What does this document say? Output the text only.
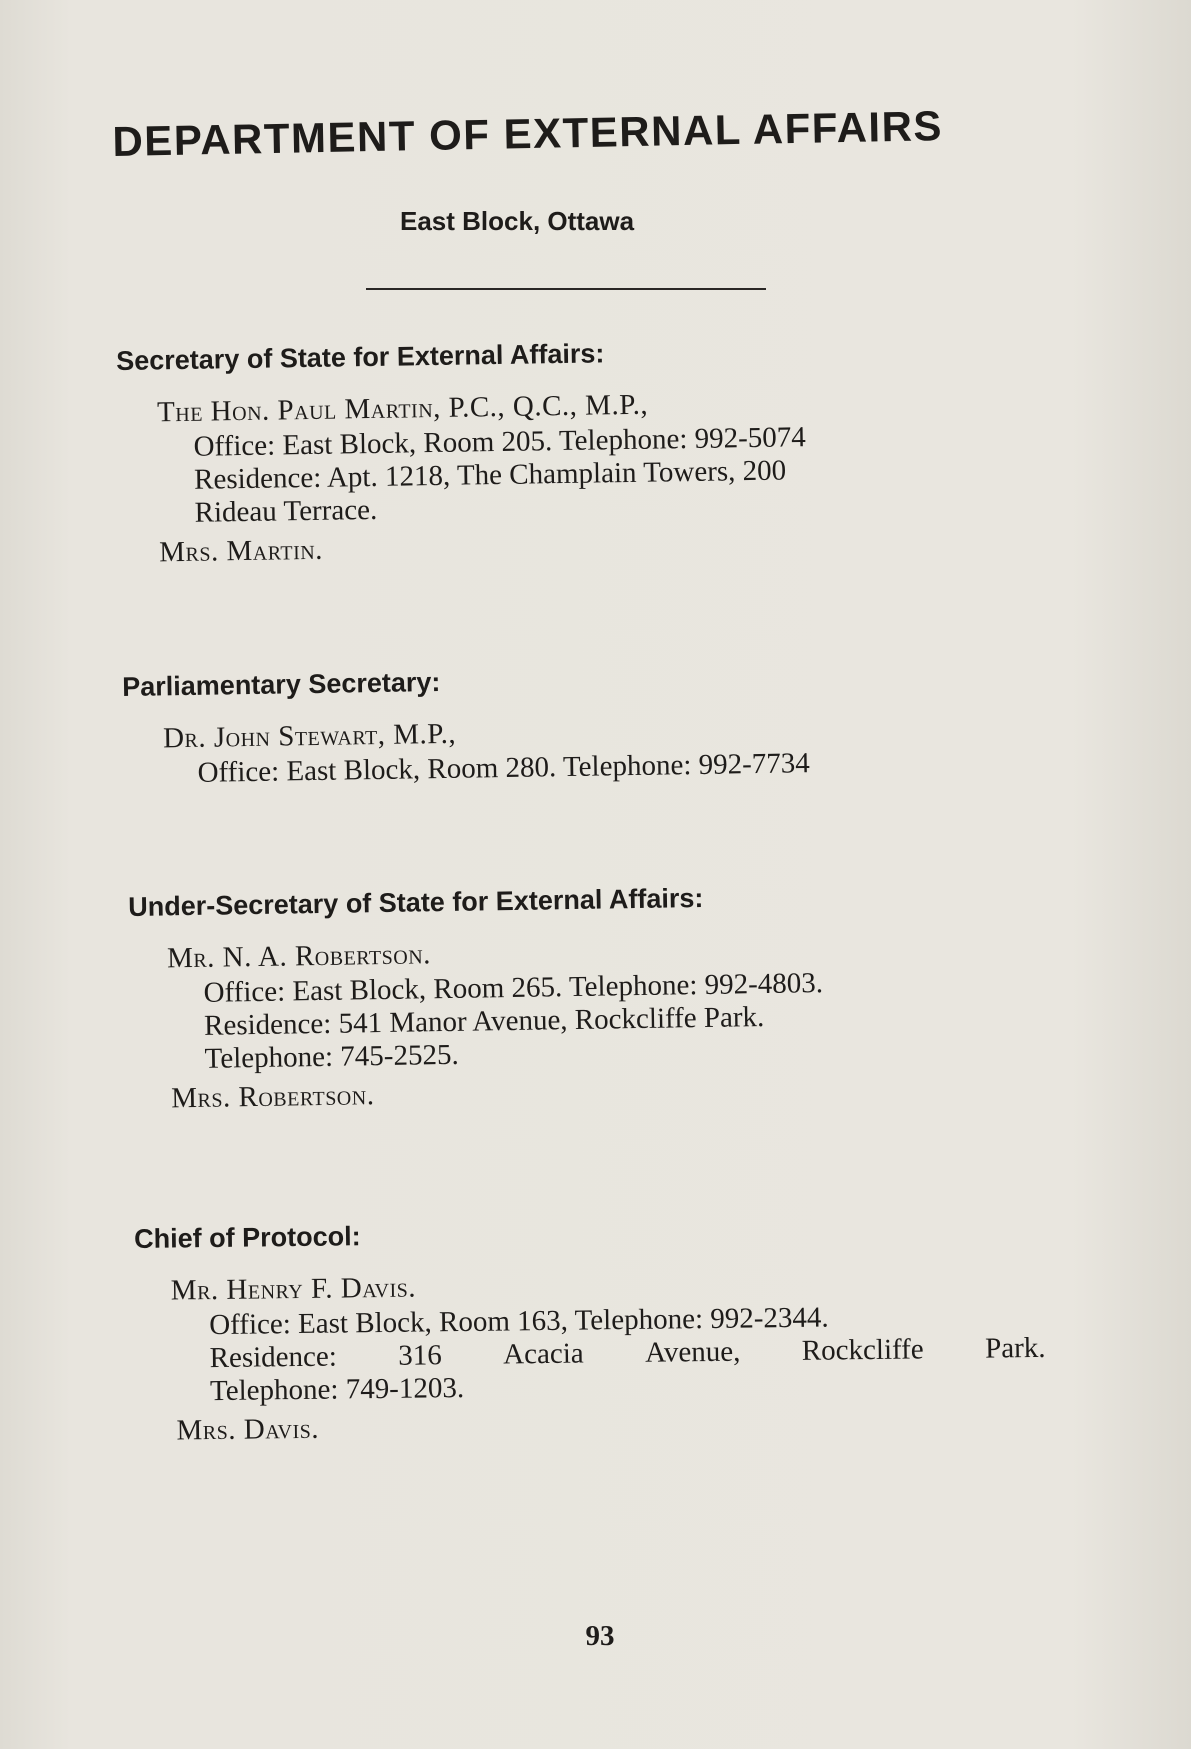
DEPARTMENT OF EXTERNAL AFFAIRS
East Block, Ottawa
Secretary of State for External Affairs:
The Hon. Paul Martin, P.C., Q.C., M.P.,
Office: East Block, Room 205. Telephone: 992-5074
Residence: Apt. 1218, The Champlain Towers, 200
Rideau Terrace.
Mrs. Martin.
Parliamentary Secretary:
Dr. John Stewart, M.P.,
Office: East Block, Room 280. Telephone: 992-7734
Under-Secretary of State for External Affairs:
Mr. N. A. Robertson.
Office: East Block, Room 265. Telephone: 992-4803.
Residence: 541 Manor Avenue, Rockcliffe Park.
Telephone: 745-2525.
Mrs. Robertson.
Chief of Protocol:
Mr. Henry F. Davis.
Office: East Block, Room 163, Telephone: 992-2344.
Residence: 316 Acacia Avenue, Rockcliffe Park.
Telephone: 749-1203.
Mrs. Davis.
93
